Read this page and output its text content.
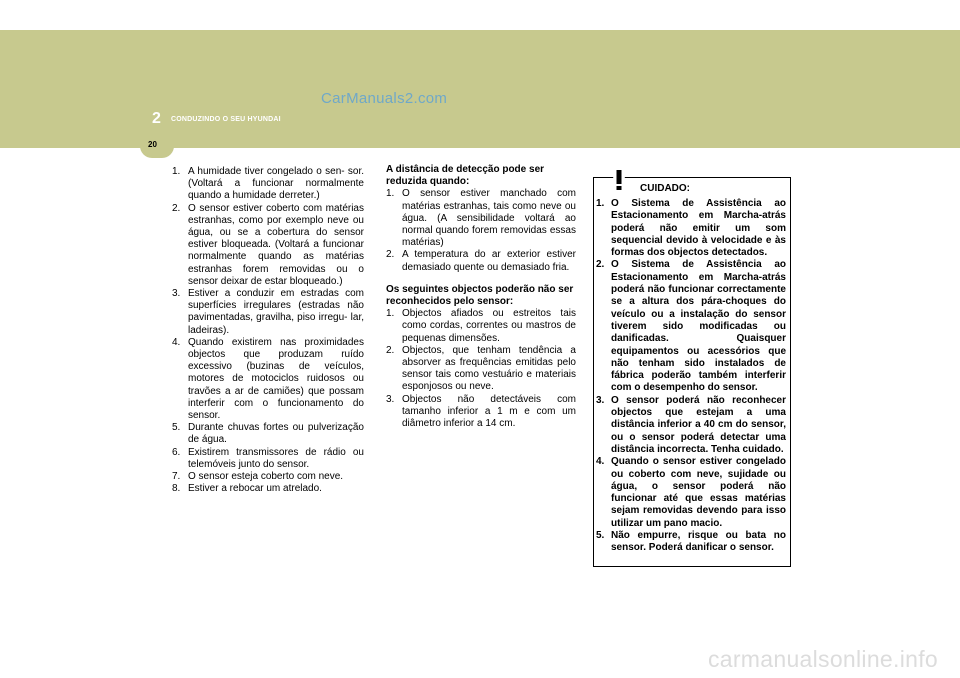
2 CONDUZINDO O SEU HYUNDAI
20
CarManuals2.com
1. A humidade tiver congelado o sen- sor. (Voltará a funcionar normalmente quando a humidade derreter.)
2. O sensor estiver coberto com matérias estranhas, como por exemplo neve ou água, ou se a cobertura do sensor estiver bloqueada. (Voltará a funcionar normalmente quando as matérias estranhas forem removidas ou o sensor deixar de estar bloqueado.)
3. Estiver a conduzir em estradas com superfícies irregulares (estradas não pavimentadas, gravilha, piso irregu- lar, ladeiras).
4. Quando existirem nas proximidades objectos que produzam ruído excessivo (buzinas de veículos, motores de motociclos ruidosos ou travões a ar de camiões) que possam interferir com o funcionamento do sensor.
5. Durante chuvas fortes ou pulverização de água.
6. Existirem transmissores de rádio ou telemóveis junto do sensor.
7. O sensor esteja coberto com neve.
8. Estiver a rebocar um atrelado.
A distância de detecção pode ser reduzida quando:
1. O sensor estiver manchado com matérias estranhas, tais como neve ou água. (A sensibilidade voltará ao normal quando forem removidas essas matérias)
2. A temperatura do ar exterior estiver demasiado quente ou demasiado fria.
Os seguintes objectos poderão não ser reconhecidos pelo sensor:
1. Objectos afiados ou estreitos tais como cordas, correntes ou mastros de pequenas dimensões.
2. Objectos, que tenham tendência a absorver as frequências emitidas pelo sensor tais como vestuário e materiais esponjosos ou neve.
3. Objectos não detectáveis com tamanho inferior a 1 m e com um diâmetro inferior a 14 cm.
CUIDADO:
1. O Sistema de Assistência ao Estacionamento em Marcha-atrás poderá não emitir um som sequencial devido à velocidade e às formas dos objectos detectados.
2. O Sistema de Assistência ao Estacionamento em Marcha-atrás poderá não funcionar correctamente se a altura dos pára-choques do veículo ou a instalação do sensor tiverem sido modificadas ou danificadas. Quaisquer equipamentos ou acessórios que não tenham sido instalados de fábrica poderão também interferir com o desempenho do sensor.
3. O sensor poderá não reconhecer objectos que estejam a uma distância inferior a 40 cm do sensor, ou o sensor poderá detectar uma distância incorrecta. Tenha cuidado.
4. Quando o sensor estiver congelado ou coberto com neve, sujidade ou água, o sensor poderá não funcionar até que essas matérias sejam removidas devendo para isso utilizar um pano macio.
5. Não empurre, risque ou bata no sensor. Poderá danificar o sensor.
carmanualsonline.info
